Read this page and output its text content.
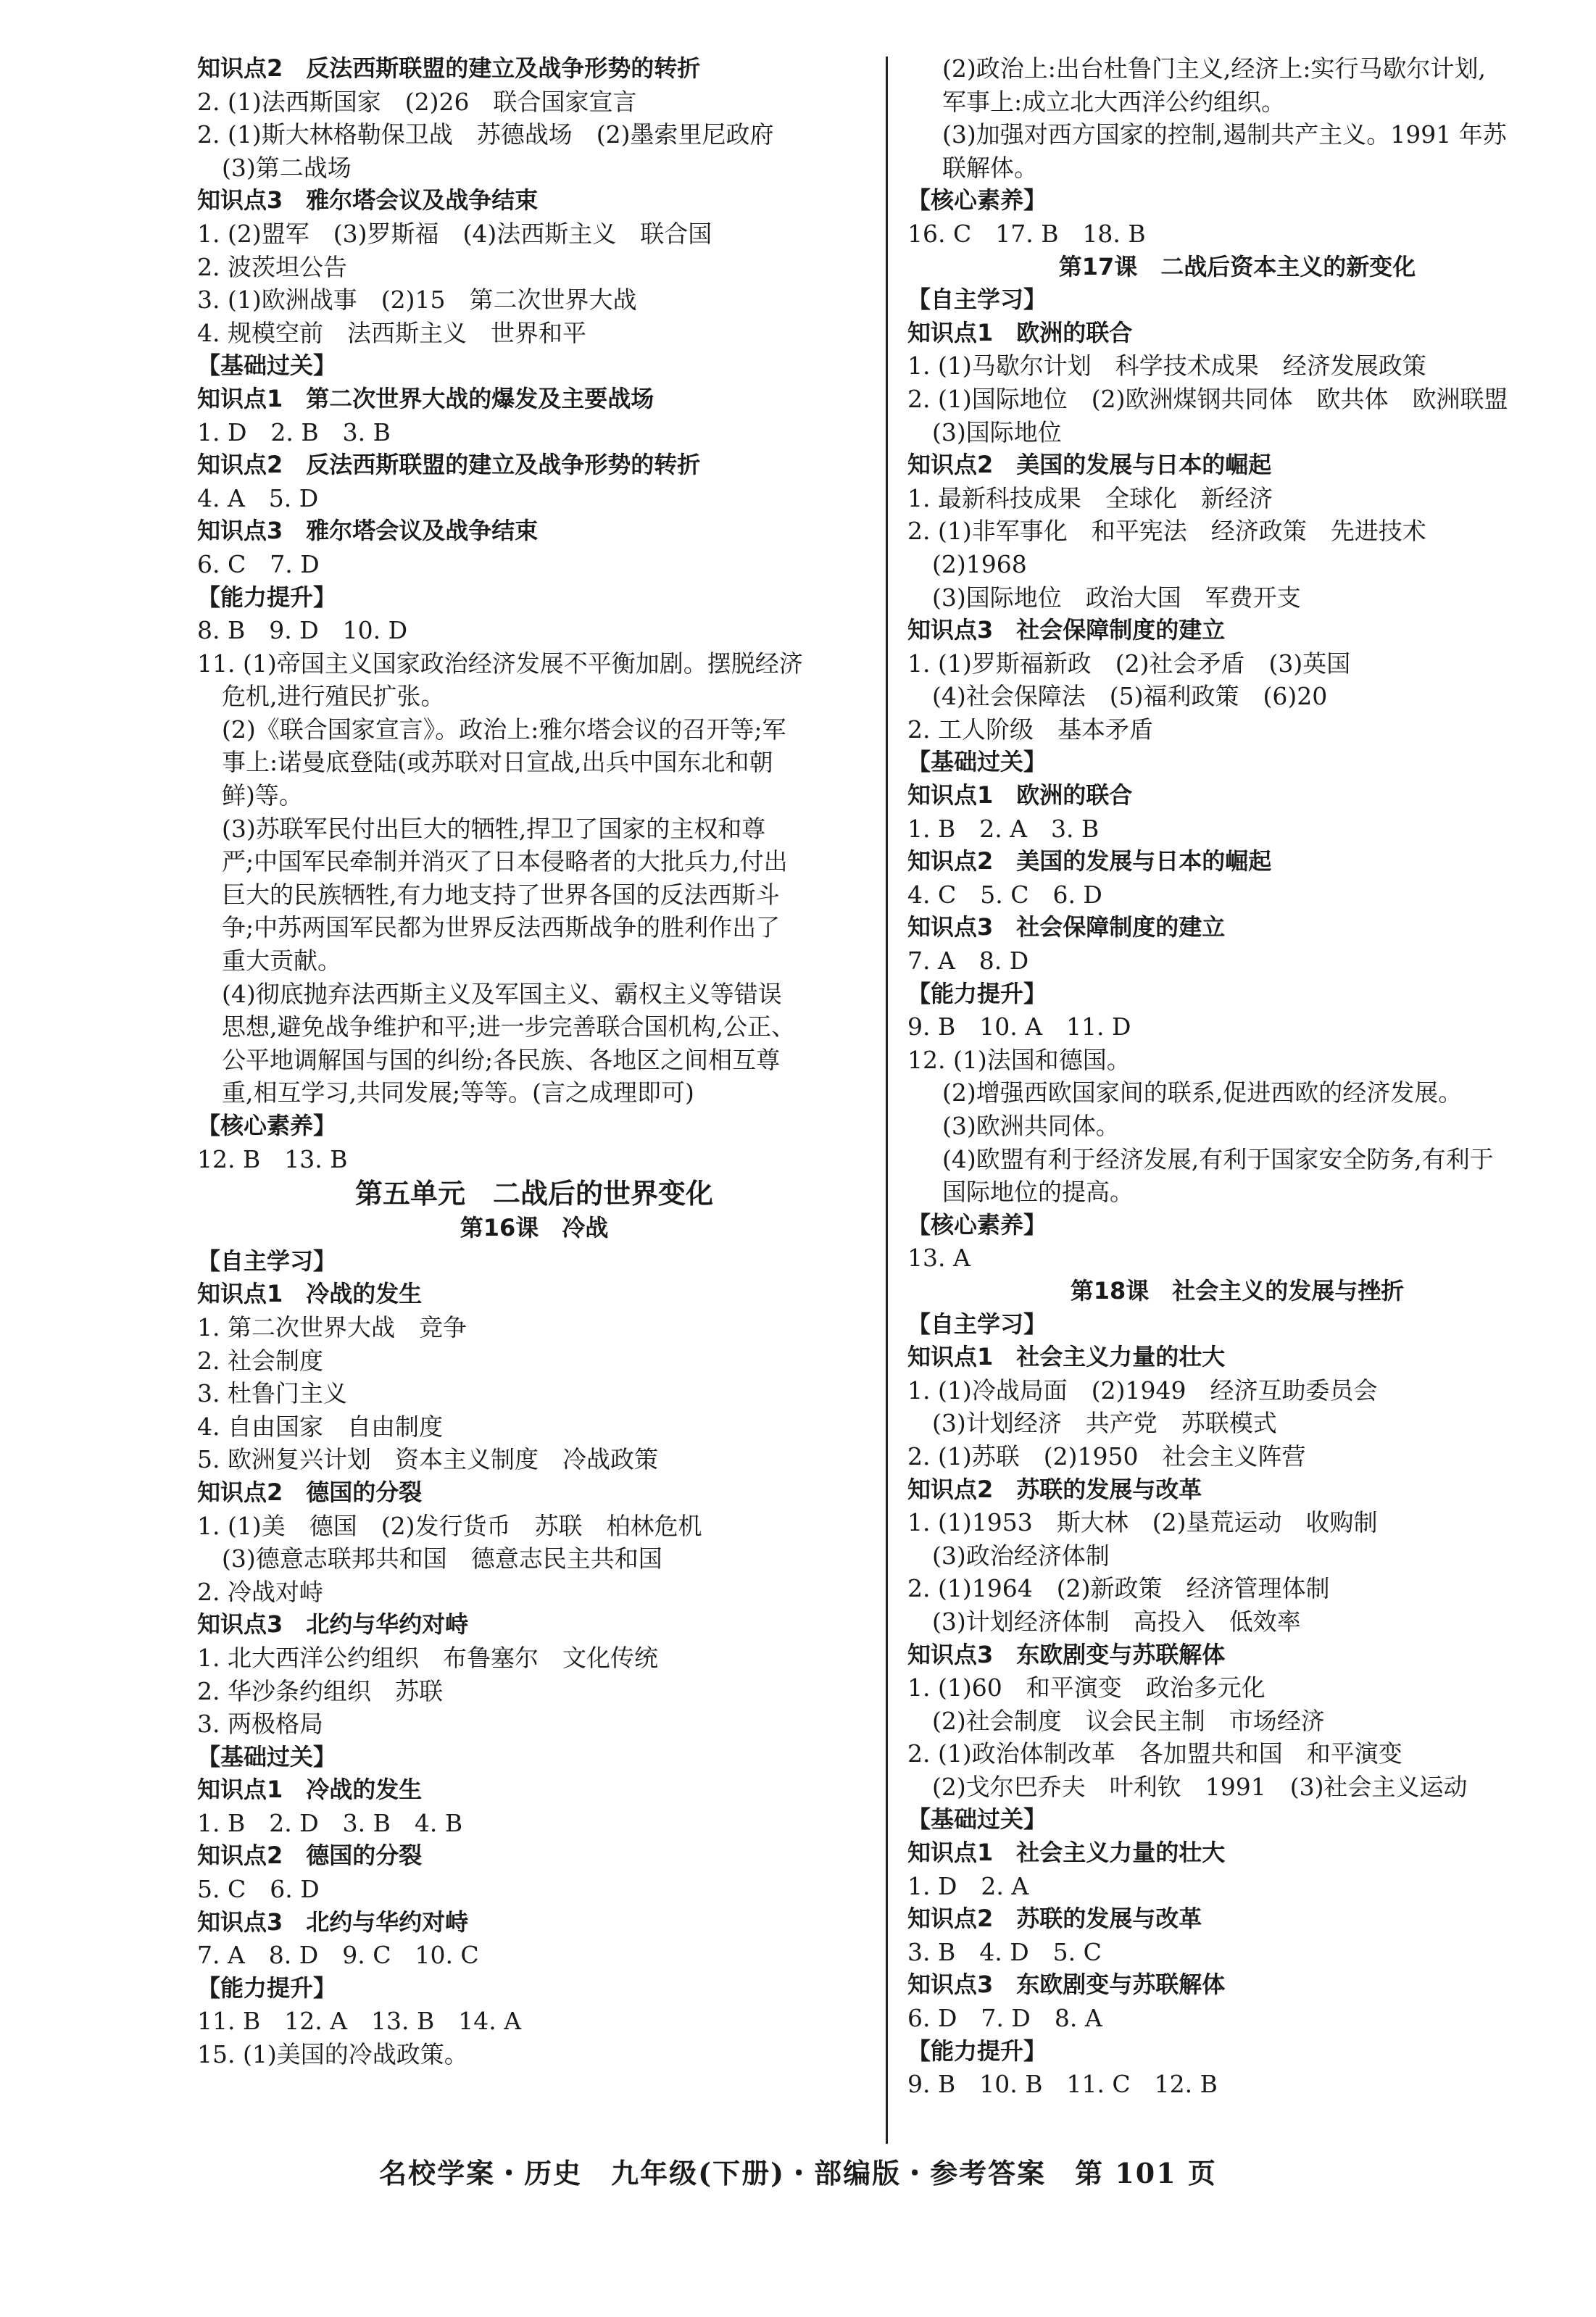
知识点2　反法西斯联盟的建立及战争形势的转折
2. (1)法西斯国家　(2)26　联合国家宣言
2. (1)斯大林格勒保卫战　苏德战场　(2)墨索里尼政府
(3)第二战场
知识点3　雅尔塔会议及战争结束
1. (2)盟军　(3)罗斯福　(4)法西斯主义　联合国
2. 波茨坦公告
3. (1)欧洲战事　(2)15　第二次世界大战
4. 规模空前　法西斯主义　世界和平
【基础过关】
知识点1　第二次世界大战的爆发及主要战场
1. D　2. B　3. B
知识点2　反法西斯联盟的建立及战争形势的转折
4. A　5. D
知识点3　雅尔塔会议及战争结束
6. C　7. D
【能力提升】
8. B　9. D　10. D
11. (1)帝国主义国家政治经济发展不平衡加剧。摆脱经济
危机,进行殖民扩张。
(2)《联合国家宣言》。政治上:雅尔塔会议的召开等;军
事上:诺曼底登陆(或苏联对日宣战,出兵中国东北和朝
鲜)等。
(3)苏联军民付出巨大的牺牲,捍卫了国家的主权和尊
严;中国军民牵制并消灭了日本侵略者的大批兵力,付出
巨大的民族牺牲,有力地支持了世界各国的反法西斯斗
争;中苏两国军民都为世界反法西斯战争的胜利作出了
重大贡献。
(4)彻底抛弃法西斯主义及军国主义、霸权主义等错误
思想,避免战争维护和平;进一步完善联合国机构,公正、
公平地调解国与国的纠纷;各民族、各地区之间相互尊
重,相互学习,共同发展;等等。(言之成理即可)
【核心素养】
12. B　13. B
第五单元　二战后的世界变化
第16课　冷战
【自主学习】
知识点1　冷战的发生
1. 第二次世界大战　竞争
2. 社会制度
3. 杜鲁门主义
4. 自由国家　自由制度
5. 欧洲复兴计划　资本主义制度　冷战政策
知识点2　德国的分裂
1. (1)美　德国　(2)发行货币　苏联　柏林危机
(3)德意志联邦共和国　德意志民主共和国
2. 冷战对峙
知识点3　北约与华约对峙
1. 北大西洋公约组织　布鲁塞尔　文化传统
2. 华沙条约组织　苏联
3. 两极格局
【基础过关】
知识点1　冷战的发生
1. B　2. D　3. B　4. B
知识点2　德国的分裂
5. C　6. D
知识点3　北约与华约对峙
7. A　8. D　9. C　10. C
【能力提升】
11. B　12. A　13. B　14. A
15. (1)美国的冷战政策。
(2)政治上:出台杜鲁门主义,经济上:实行马歇尔计划,
军事上:成立北大西洋公约组织。
(3)加强对西方国家的控制,遏制共产主义。1991 年苏
联解体。
【核心素养】
16. C　17. B　18. B
第17课　二战后资本主义的新变化
【自主学习】
知识点1　欧洲的联合
1. (1)马歇尔计划　科学技术成果　经济发展政策
2. (1)国际地位　(2)欧洲煤钢共同体　欧共体　欧洲联盟
(3)国际地位
知识点2　美国的发展与日本的崛起
1. 最新科技成果　全球化　新经济
2. (1)非军事化　和平宪法　经济政策　先进技术
(2)1968
(3)国际地位　政治大国　军费开支
知识点3　社会保障制度的建立
1. (1)罗斯福新政　(2)社会矛盾　(3)英国
(4)社会保障法　(5)福利政策　(6)20
2. 工人阶级　基本矛盾
【基础过关】
知识点1　欧洲的联合
1. B　2. A　3. B
知识点2　美国的发展与日本的崛起
4. C　5. C　6. D
知识点3　社会保障制度的建立
7. A　8. D
【能力提升】
9. B　10. A　11. D
12. (1)法国和德国。
(2)增强西欧国家间的联系,促进西欧的经济发展。
(3)欧洲共同体。
(4)欧盟有利于经济发展,有利于国家安全防务,有利于
国际地位的提高。
【核心素养】
13. A
第18课　社会主义的发展与挫折
【自主学习】
知识点1　社会主义力量的壮大
1. (1)冷战局面　(2)1949　经济互助委员会
(3)计划经济　共产党　苏联模式
2. (1)苏联　(2)1950　社会主义阵营
知识点2　苏联的发展与改革
1. (1)1953　斯大林　(2)垦荒运动　收购制
(3)政治经济体制
2. (1)1964　(2)新政策　经济管理体制
(3)计划经济体制　高投入　低效率
知识点3　东欧剧变与苏联解体
1. (1)60　和平演变　政治多元化
(2)社会制度　议会民主制　市场经济
2. (1)政治体制改革　各加盟共和国　和平演变
(2)戈尔巴乔夫　叶利钦　1991　(3)社会主义运动
【基础过关】
知识点1　社会主义力量的壮大
1. D　2. A
知识点2　苏联的发展与改革
3. B　4. D　5. C
知识点3　东欧剧变与苏联解体
6. D　7. D　8. A
【能力提升】
9. B　10. B　11. C　12. B
名校学案・历史　九年级(下册)・部编版・参考答案　第 101 页
